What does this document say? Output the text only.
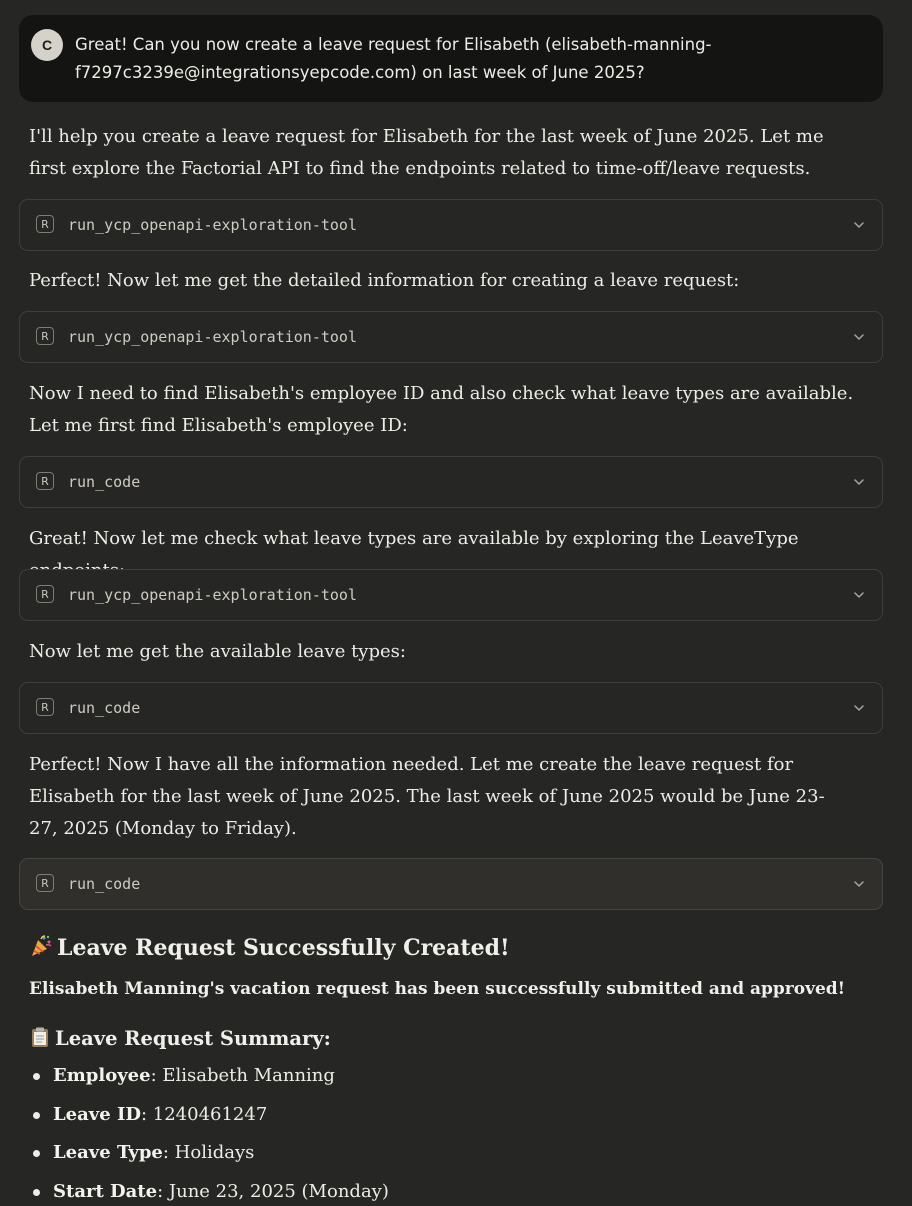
C	Great! Can you now create a leave request for Elisabeth (elisabeth-manning-f7297c3239e@integrationsyepcode.com) on last week of June 2025?

I'll help you create a leave request for Elisabeth for the last week of June 2025. Let me first explore the Factorial API to find the endpoints related to time-off/leave requests.

R	run_ycp_openapi-exploration-tool

Perfect! Now let me get the detailed information for creating a leave request:

R	run_ycp_openapi-exploration-tool

Now I need to find Elisabeth's employee ID and also check what leave types are available. Let me first find Elisabeth's employee ID:

R	run_code

Great! Now let me check what leave types are available by exploring the LeaveType

R	run_ycp_openapi-exploration-tool

Now let me get the available leave types:

R	run_code

Perfect! Now I have all the information needed. Let me create the leave request for Elisabeth for the last week of June 2025. The last week of June 2025 would be June 23-27, 2025 (Monday to Friday).

R	run_code
Leave Request Successfully Created!

Elisabeth Manning's vacation request has been successfully submitted and approved!

Leave Request Summary:
Employee: Elisabeth Manning
Leave ID: 1240461247
Leave Type: Holidays
Start Date: June 23, 2025 (Monday)
